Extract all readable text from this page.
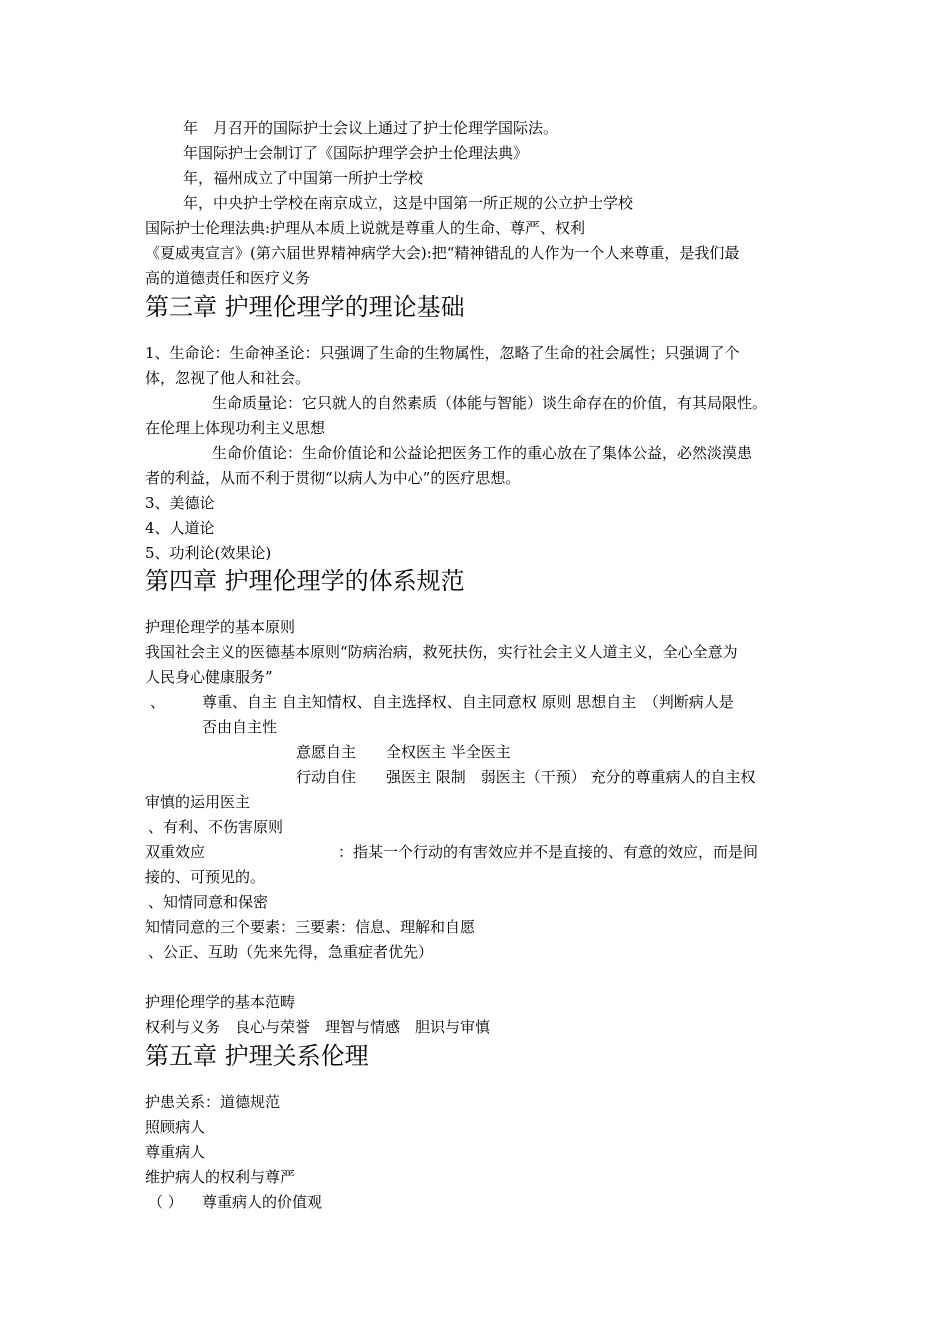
年　月召开的国际护士会议上通过了护士伦理学国际法。
年国际护士会制订了《国际护理学会护士伦理法典》
年，福州成立了中国第一所护士学校
年，中央护士学校在南京成立，这是中国第一所正规的公立护士学校
国际护士伦理法典:护理从本质上说就是尊重人的生命、尊严、权利
《夏威夷宣言》(第六届世界精神病学大会):把“精神错乱的人作为一个人来尊重，是我们最
高的道德责任和医疗义务
第三章 护理伦理学的理论基础
1、生命论：生命神圣论：只强调了生命的生物属性，忽略了生命的社会属性；只强调了个
体，忽视了他人和社会。
生命质量论：它只就人的自然素质（体能与智能）谈生命存在的价值，有其局限性。
在伦理上体现功利主义思想
生命价值论：生命价值论和公益论把医务工作的重心放在了集体公益，必然淡漠患
者的利益，从而不利于贯彻“以病人为中心”的医疗思想。
3、美德论
4、人道论
5、功利论(效果论)
第四章 护理伦理学的体系规范
护理伦理学的基本原则
我国社会主义的医德基本原则“防病治病，救死扶伤，实行社会主义人道主义，全心全意为
人民身心健康服务”
、 尊重、自主 自主知情权、自主选择权、自主同意权 原则 思想自主　（判断病人是
否由自主性
意愿自主　　全权医主 半全医主
行动自住　　强医主 限制　弱医主（干预） 充分的尊重病人的自主权
审慎的运用医主
、有利、不伤害原则
双重效应	：指某一个行动的有害效应并不是直接的、有意的效应，而是间
接的、可预见的。
、知情同意和保密
知情同意的三个要素：三要素：信息、理解和自愿
、公正、互助（先来先得，急重症者优先）
护理伦理学的基本范畴
权利与义务　良心与荣誉　理智与情感　胆识与审慎
第五章 护理关系伦理
护患关系：道德规范
照顾病人
尊重病人
维护病人的权利与尊严
（ ） 尊重病人的价值观
